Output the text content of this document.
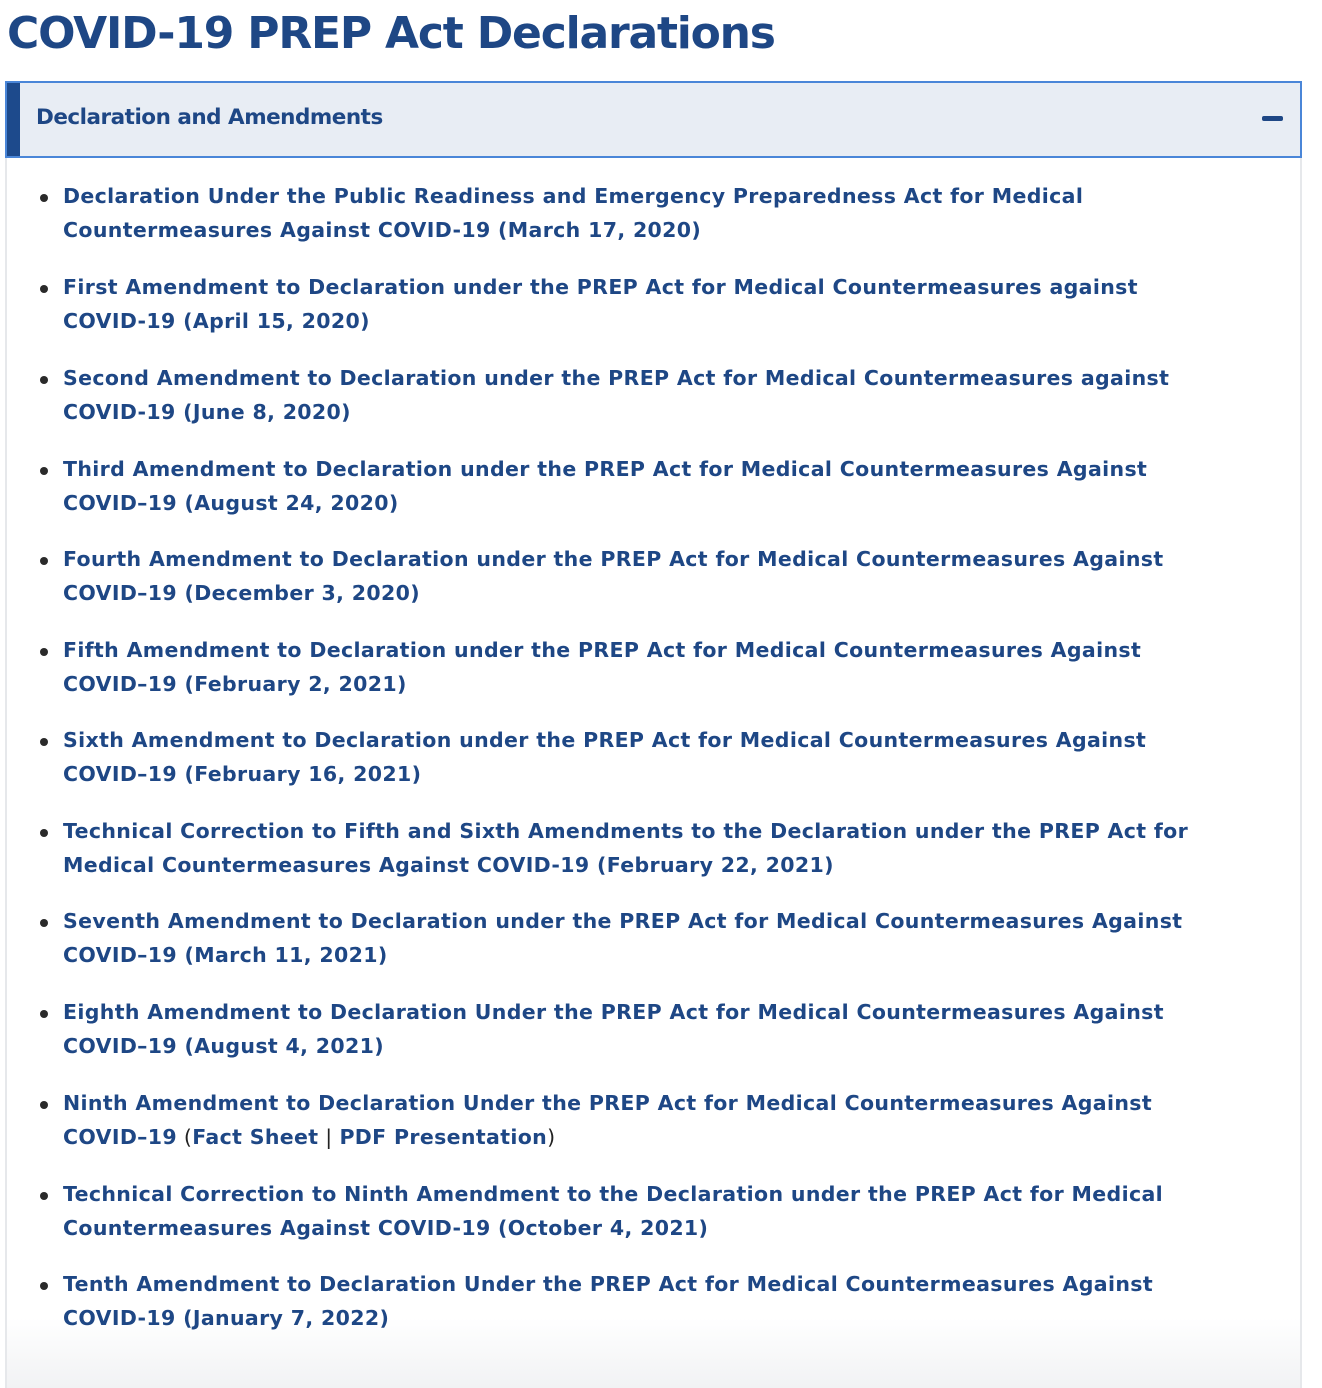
COVID-19 PREP Act Declarations
Declaration and Amendments
Declaration Under the Public Readiness and Emergency Preparedness Act for Medical
Countermeasures Against COVID-19 (March 17, 2020)
First Amendment to Declaration under the PREP Act for Medical Countermeasures against
COVID-19 (April 15, 2020)
Second Amendment to Declaration under the PREP Act for Medical Countermeasures against
COVID-19 (June 8, 2020)
Third Amendment to Declaration under the PREP Act for Medical Countermeasures Against
COVID–19 (August 24, 2020)
Fourth Amendment to Declaration under the PREP Act for Medical Countermeasures Against
COVID–19 (December 3, 2020)
Fifth Amendment to Declaration under the PREP Act for Medical Countermeasures Against
COVID–19 (February 2, 2021)
Sixth Amendment to Declaration under the PREP Act for Medical Countermeasures Against
COVID–19 (February 16, 2021)
Technical Correction to Fifth and Sixth Amendments to the Declaration under the PREP Act for
Medical Countermeasures Against COVID-19 (February 22, 2021)
Seventh Amendment to Declaration under the PREP Act for Medical Countermeasures Against
COVID–19 (March 11, 2021)
Eighth Amendment to Declaration Under the PREP Act for Medical Countermeasures Against
COVID–19 (August 4, 2021)
Ninth Amendment to Declaration Under the PREP Act for Medical Countermeasures Against
COVID–19 (Fact Sheet | PDF Presentation)
Technical Correction to Ninth Amendment to the Declaration under the PREP Act for Medical
Countermeasures Against COVID-19 (October 4, 2021)
Tenth Amendment to Declaration Under the PREP Act for Medical Countermeasures Against
COVID-19 (January 7, 2022)
